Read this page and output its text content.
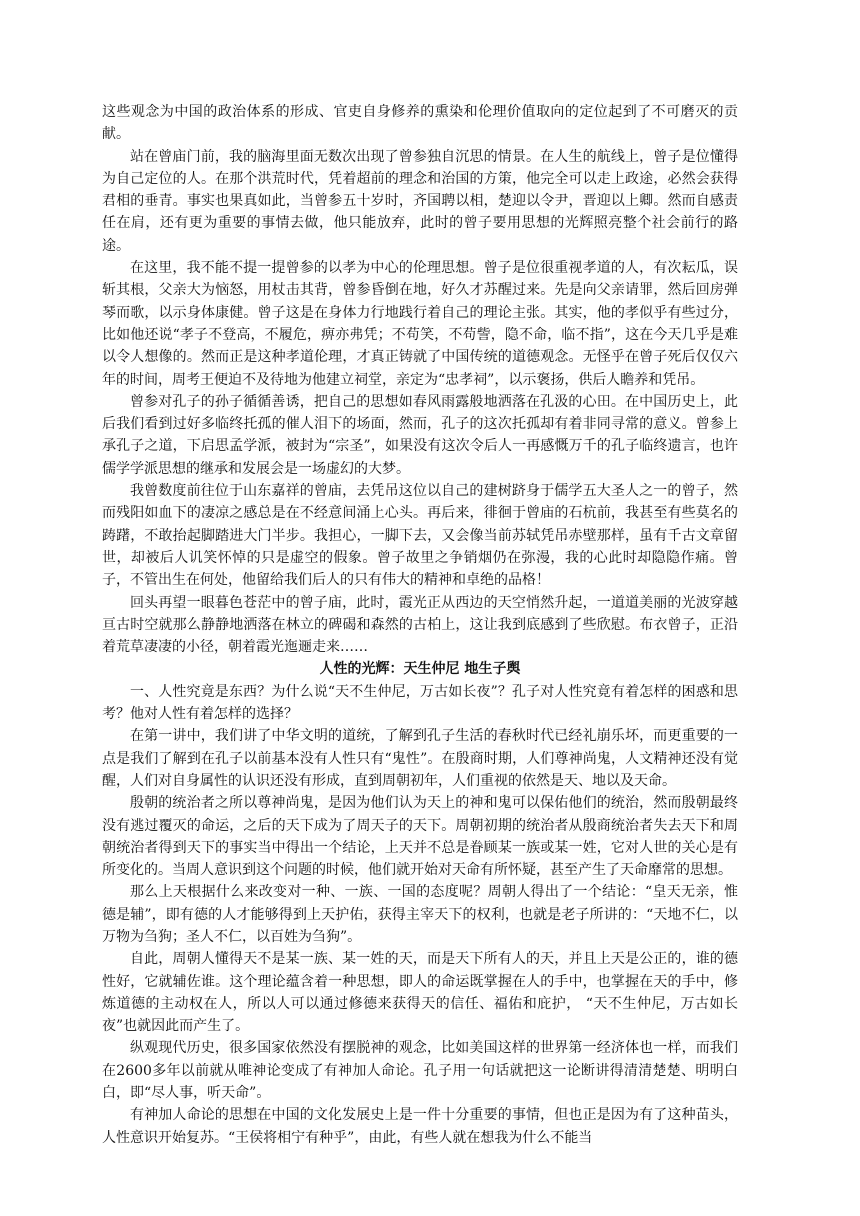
这些观念为中国的政治体系的形成、官吏自身修养的熏染和伦理价值取向的定位起到了不可磨灭的贡献。

站在曾庙门前，我的脑海里面无数次出现了曾参独自沉思的情景。在人生的航线上，曾子是位懂得为自己定位的人。在那个洪荒时代，凭着超前的理念和治国的方策，他完全可以走上政途，必然会获得君相的垂青。事实也果真如此，当曾参五十岁时，齐国聘以相，楚迎以令尹，晋迎以上卿。然而自感责任在肩，还有更为重要的事情去做，他只能放弃，此时的曾子要用思想的光辉照亮整个社会前行的路途。

在这里，我不能不提一提曾参的以孝为中心的伦理思想。曾子是位很重视孝道的人，有次耘瓜，误斩其根，父亲大为恼怒，用杖击其背，曾参昏倒在地，好久才苏醒过来。先是向父亲请罪，然后回房弹琴而歌，以示身体康健。曾子这是在身体力行地践行着自己的理论主张。其实，他的孝似乎有些过分，比如他还说“孝子不登高，不履危，痹亦弗凭；不苟笑，不苟訾，隐不命，临不指”，这在今天几乎是难以令人想像的。然而正是这种孝道伦理，才真正铸就了中国传统的道德观念。无怪乎在曾子死后仅仅六年的时间，周考王便迫不及待地为他建立祠堂，亲定为“忠孝祠”，以示褒扬，供后人瞻养和凭吊。

曾参对孔子的孙子循循善诱，把自己的思想如春风雨露般地洒落在孔汲的心田。在中国历史上，此后我们看到过好多临终托孤的催人泪下的场面，然而，孔子的这次托孤却有着非同寻常的意义。曾参上承孔子之道，下启思孟学派，被封为“宗圣”，如果没有这次令后人一再感慨万千的孔子临终遗言，也许儒学学派思想的继承和发展会是一场虚幻的大梦。

我曾数度前往位于山东嘉祥的曾庙，去凭吊这位以自己的建树跻身于儒学五大圣人之一的曾子，然而残阳如血下的凄凉之感总是在不经意间涌上心头。再后来，徘徊于曾庙的石杭前，我甚至有些莫名的踌躇，不敢抬起脚踏进大门半步。我担心，一脚下去，又会像当前苏轼凭吊赤壁那样，虽有千古文章留世，却被后人讥笑怀悼的只是虚空的假象。曾子故里之争销烟仍在弥漫，我的心此时却隐隐作痛。曾子，不管出生在何处，他留给我们后人的只有伟大的精神和卓绝的品格！

回头再望一眼暮色苍茫中的曾子庙，此时，霞光正从西边的天空悄然升起，一道道美丽的光波穿越亘古时空就那么静静地洒落在林立的碑碣和森然的古柏上，这让我到底感到了些欣慰。布衣曾子，正沿着荒草凄凄的小径，朝着霞光迤逦走来……

人性的光辉：天生仲尼 地生子舆

一、人性究竟是东西？为什么说“天不生仲尼，万古如长夜”？孔子对人性究竟有着怎样的困惑和思考？他对人性有着怎样的选择？

在第一讲中，我们讲了中华文明的道统，了解到孔子生活的春秋时代已经礼崩乐坏，而更重要的一点是我们了解到在孔子以前基本没有人性只有“鬼性”。在殷商时期，人们尊神尚鬼，人文精神还没有觉醒，人们对自身属性的认识还没有形成，直到周朝初年，人们重视的依然是天、地以及天命。

殷朝的统治者之所以尊神尚鬼，是因为他们认为天上的神和鬼可以保佑他们的统治，然而殷朝最终没有逃过覆灭的命运，之后的天下成为了周天子的天下。周朝初期的统治者从殷商统治者失去天下和周朝统治者得到天下的事实当中得出一个结论，上天并不总是眷顾某一族或某一姓，它对人世的关心是有所变化的。当周人意识到这个问题的时候，他们就开始对天命有所怀疑，甚至产生了天命靡常的思想。

那么上天根据什么来改变对一种、一族、一国的态度呢？周朝人得出了一个结论：“皇天无亲，惟德是辅”，即有德的人才能够得到上天护佑，获得主宰天下的权利，也就是老子所讲的：“天地不仁，以万物为刍狗；圣人不仁，以百姓为刍狗”。

自此，周朝人懂得天不是某一族、某一姓的天，而是天下所有人的天，并且上天是公正的，谁的德性好，它就辅佐谁。这个理论蕴含着一种思想，即人的命运既掌握在人的手中，也掌握在天的手中，修炼道德的主动权在人，所以人可以通过修德来获得天的信任、福佑和庇护， “天不生仲尼，万古如长夜”也就因此而产生了。

纵观现代历史，很多国家依然没有摆脱神的观念，比如美国这样的世界第一经济体也一样，而我们在2600多年以前就从唯神论变成了有神加人命论。孔子用一句话就把这一论断讲得清清楚楚、明明白白，即“尽人事，听天命”。

有神加人命论的思想在中国的文化发展史上是一件十分重要的事情，但也正是因为有了这种苗头，人性意识开始复苏。“王侯将相宁有种乎”，由此，有些人就在想我为什么不能当
